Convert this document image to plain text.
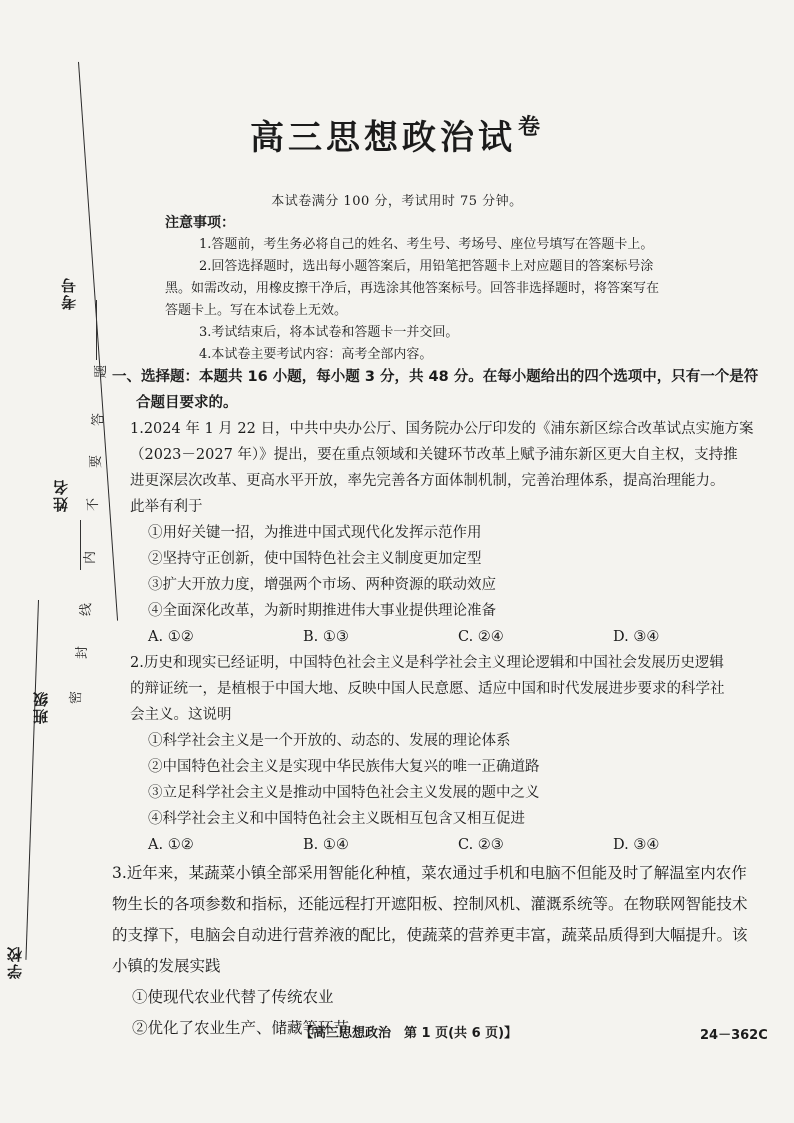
考号
姓名
班级
学校
题
答
要
不
内
线
封
密
高三思想政治试$^卷$
本试卷满分 100 分，考试用时 75 分钟。

注意事项：

1.答题前，考生务必将自己的姓名、考生号、考场号、座位号填写在答题卡上。

2.回答选择题时，选出每小题答案后，用铅笔把答题卡上对应题目的答案标号涂

黑。如需改动，用橡皮擦干净后，再选涂其他答案标号。回答非选择题时，将答案写在

答题卡上。写在本试卷上无效。

3.考试结束后，将本试卷和答题卡一并交回。

4.本试卷主要考试内容：高考全部内容。

一、选择题：本题共 16 小题，每小题 3 分，共 48 分。在每小题给出的四个选项中，只有一个是符

合题目要求的。

1.2024 年 1 月 22 日，中共中央办公厅、国务院办公厅印发的《浦东新区综合改革试点实施方案

（2023－2027 年）》提出，要在重点领域和关键环节改革上赋予浦东新区更大自主权，支持推

进更深层次改革、更高水平开放，率先完善各方面体制机制，完善治理体系，提高治理能力。

此举有利于

①用好关键一招，为推进中国式现代化发挥示范作用

②坚持守正创新，使中国特色社会主义制度更加定型

③扩大开放力度，增强两个市场、两种资源的联动效应

④全面深化改革，为新时期推进伟大事业提供理论准备

A. ①②	B. ①③	C. ②④	D. ③④

2.历史和现实已经证明，中国特色社会主义是科学社会主义理论逻辑和中国社会发展历史逻辑

的辩证统一，是植根于中国大地、反映中国人民意愿、适应中国和时代发展进步要求的科学社

会主义。这说明

①科学社会主义是一个开放的、动态的、发展的理论体系

②中国特色社会主义是实现中华民族伟大复兴的唯一正确道路

③立足科学社会主义是推动中国特色社会主义发展的题中之义

④科学社会主义和中国特色社会主义既相互包含又相互促进

A. ①②	B. ①④	C. ②③	D. ③④

3.近年来，某蔬菜小镇全部采用智能化种植，菜农通过手机和电脑不但能及时了解温室内农作

物生长的各项参数和指标，还能远程打开遮阳板、控制风机、灌溉系统等。在物联网智能技术

的支撑下，电脑会自动进行营养液的配比，使蔬菜的营养更丰富，蔬菜品质得到大幅提升。该

小镇的发展实践

①使现代农业代替了传统农业

②优化了农业生产、储藏等环节

【高三思想政治　第 1 页(共 6 页)】	24－362C
